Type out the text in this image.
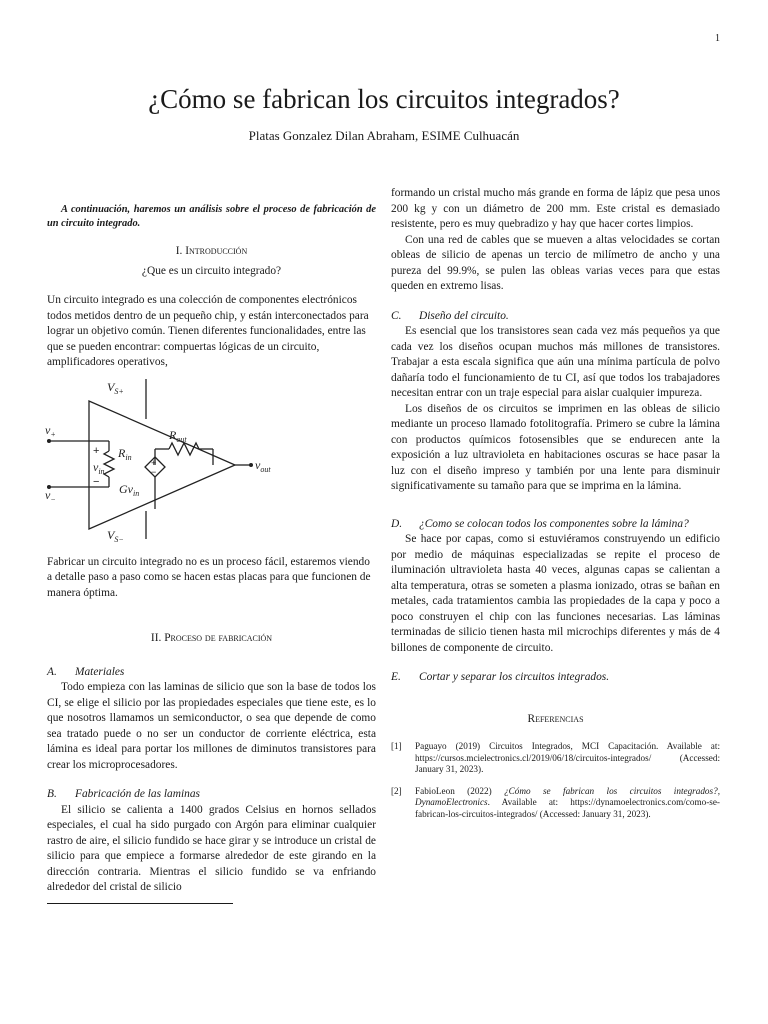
1
¿Cómo se fabrican los circuitos integrados?
Platas Gonzalez Dilan Abraham, ESIME Culhuacán

A continuación, haremos un análisis sobre el proceso de fabricación de un circuito integrado.

I. Introducción
¿Que es un circuito integrado?

Un circuito integrado es una colección de componentes electrónicos todos metidos dentro de un pequeño chip, y están interconectados para lograr un objetivo común. Tienen diferentes funcionalidades, entre las que se pueden encontrar: compuertas lógicas de un circuito, amplificadores operativos,

$V_{S+}$
$V_{S-}$
$v_+$
$v_-$
$R_{in}$
$R_{out}$
$v_{in}$
$Gv_{in}$
$v_{out}$
+
−
+
−

Fabricar un circuito integrado no es un proceso fácil, estaremos viendo a detalle paso a paso como se hacen estas placas para que funcionen de manera óptima.

II. Proceso de fabricación
A. Materiales

Todo empieza con las laminas de silicio que son la base de todos los CI, se elige el silicio por las propiedades especiales que tiene este, es lo que nosotros llamamos un semiconductor, o sea que depende de como sea tratado puede o no ser un conductor de corriente eléctrica, esta lámina es ideal para portar los millones de diminutos transistores para crear los microprocesadores.

B. Fabricación de las laminas

El silicio se calienta a 1400 grados Celsius en hornos sellados especiales, el cual ha sido purgado con Argón para eliminar cualquier rastro de aire, el silicio fundido se hace girar y se introduce un cristal de silicio para que empiece a formarse alrededor de este girando en la dirección contraria. Mientras el silicio fundido se va enfriando alrededor del cristal de silicio

formando un cristal mucho más grande en forma de lápiz que pesa unos 200 kg y con un diámetro de 200 mm. Este cristal es demasiado resistente, pero es muy quebradizo y hay que hacer cortes limpios.

Con una red de cables que se mueven a altas velocidades se cortan obleas de silicio de apenas un tercio de milímetro de ancho y una pureza del 99.9%, se pulen las obleas varias veces para que estas queden en extremo lisas.

C. Diseño del circuito.

Es esencial que los transistores sean cada vez más pequeños ya que cada vez los diseños ocupan muchos más millones de transistores. Trabajar a esta escala significa que aún una mínima partícula de polvo dañaría todo el funcionamiento de tu CI, así que todos los trabajadores necesitan entrar con un traje especial para aislar cualquier impureza.

Los diseños de os circuitos se imprimen en las obleas de silicio mediante un proceso llamado fotolitografía. Primero se cubre la lámina con productos químicos fotosensibles que se endurecen ante la exposición a luz ultravioleta en habitaciones oscuras se hace pasar la luz con el diseño impreso y también por una lente para disminuir significativamente su tamaño para que se imprima en la lámina.

D. ¿Como se colocan todos los componentes sobre la lámina?

Se hace por capas, como si estuviéramos construyendo un edificio por medio de máquinas especializadas se repite el proceso de iluminación ultravioleta hasta 40 veces, algunas capas se calientan a alta temperatura, otras se someten a plasma ionizado, otras se bañan en metales, cada tratamientos cambia las propiedades de la capa y poco a poco construyen el chip con las funciones necesarias. Las láminas terminadas de silicio tienen hasta mil microchips diferentes y más de 4 billones de componente de circuito.

E. Cortar y separar los circuitos integrados.
Referencias
[1]	Paguayo (2019) Circuitos Integrados, MCI Capacitación. Available at: https://cursos.mcielectronics.cl/2019/06/18/circuitos-integrados/ (Accessed: January 31, 2023).
[2]	FabioLeon (2022) ¿Cómo se fabrican los circuitos integrados?, DynamoElectronics. Available at: https://dynamoelectronics.com/como-se-fabrican-los-circuitos-integrados/ (Accessed: January 31, 2023).
